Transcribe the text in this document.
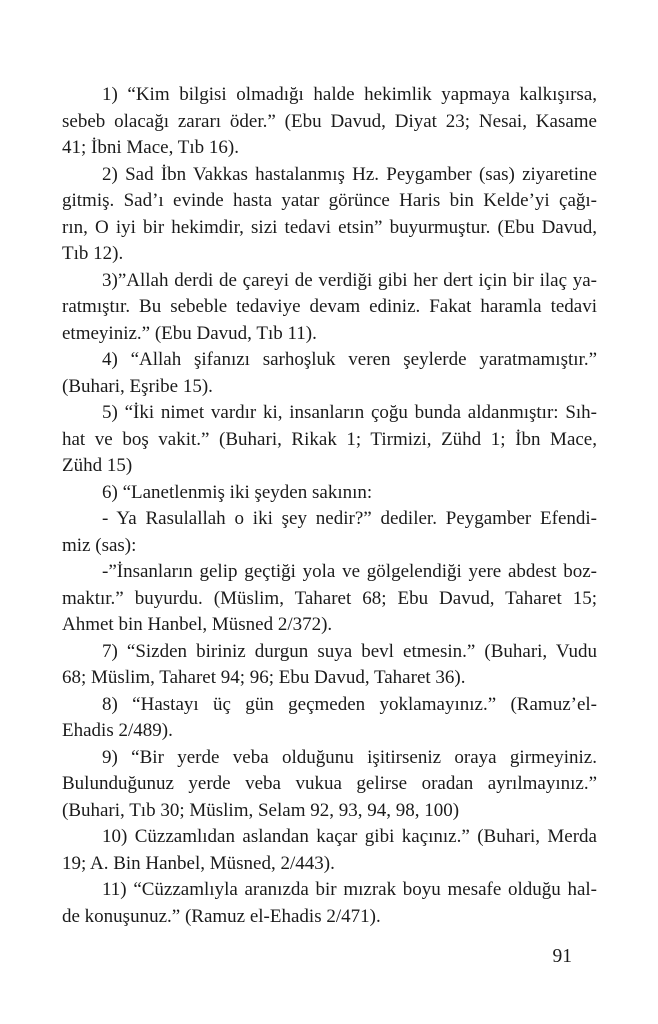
1) “Kim bilgisi olmadığı halde hekimlik yapmaya kalkışırsa,
sebeb olacağı zararı öder.” (Ebu Davud, Diyat 23; Nesai, Kasame
41; İbni Mace, Tıb 16).

2) Sad İbn Vakkas hastalanmış Hz. Peygamber (sas) ziyaretine
gitmiş. Sad’ı evinde hasta yatar görünce Haris bin Kelde’yi çağı-
rın, O iyi bir hekimdir, sizi tedavi etsin” buyurmuştur. (Ebu Davud,
Tıb 12).

3)”Allah derdi de çareyi de verdiği gibi her dert için bir ilaç ya-
ratmıştır. Bu sebeble tedaviye devam ediniz. Fakat haramla tedavi
etmeyiniz.” (Ebu Davud, Tıb 11).

4) “Allah şifanızı sarhoşluk veren şeylerde yaratmamıştır.”
(Buhari, Eşribe 15).

5) “İki nimet vardır ki, insanların çoğu bunda aldanmıştır: Sıh-
hat ve boş vakit.” (Buhari, Rikak 1; Tirmizi, Zühd 1; İbn Mace,
Zühd 15)

6) “Lanetlenmiş iki şeyden sakının:

- Ya Rasulallah o iki şey nedir?” dediler. Peygamber Efendi-
miz (sas):

-”İnsanların gelip geçtiği yola ve gölgelendiği yere abdest boz-
maktır.” buyurdu. (Müslim, Taharet 68; Ebu Davud, Taharet 15;
Ahmet bin Hanbel, Müsned 2/372).

7) “Sizden biriniz durgun suya bevl etmesin.” (Buhari, Vudu
68; Müslim, Taharet 94; 96; Ebu Davud, Taharet 36).

8) “Hastayı üç gün geçmeden yoklamayınız.” (Ramuz’el-
Ehadis 2/489).

9) “Bir yerde veba olduğunu işitirseniz oraya girmeyiniz.
Bulunduğunuz yerde veba vukua gelirse oradan ayrılmayınız.”
(Buhari, Tıb 30; Müslim, Selam 92, 93, 94, 98, 100)

10) Cüzzamlıdan aslandan kaçar gibi kaçınız.” (Buhari, Merda
19; A. Bin Hanbel, Müsned, 2/443).

11) “Cüzzamlıyla aranızda bir mızrak boyu mesafe olduğu hal-
de konuşunuz.” (Ramuz el-Ehadis 2/471).

91
